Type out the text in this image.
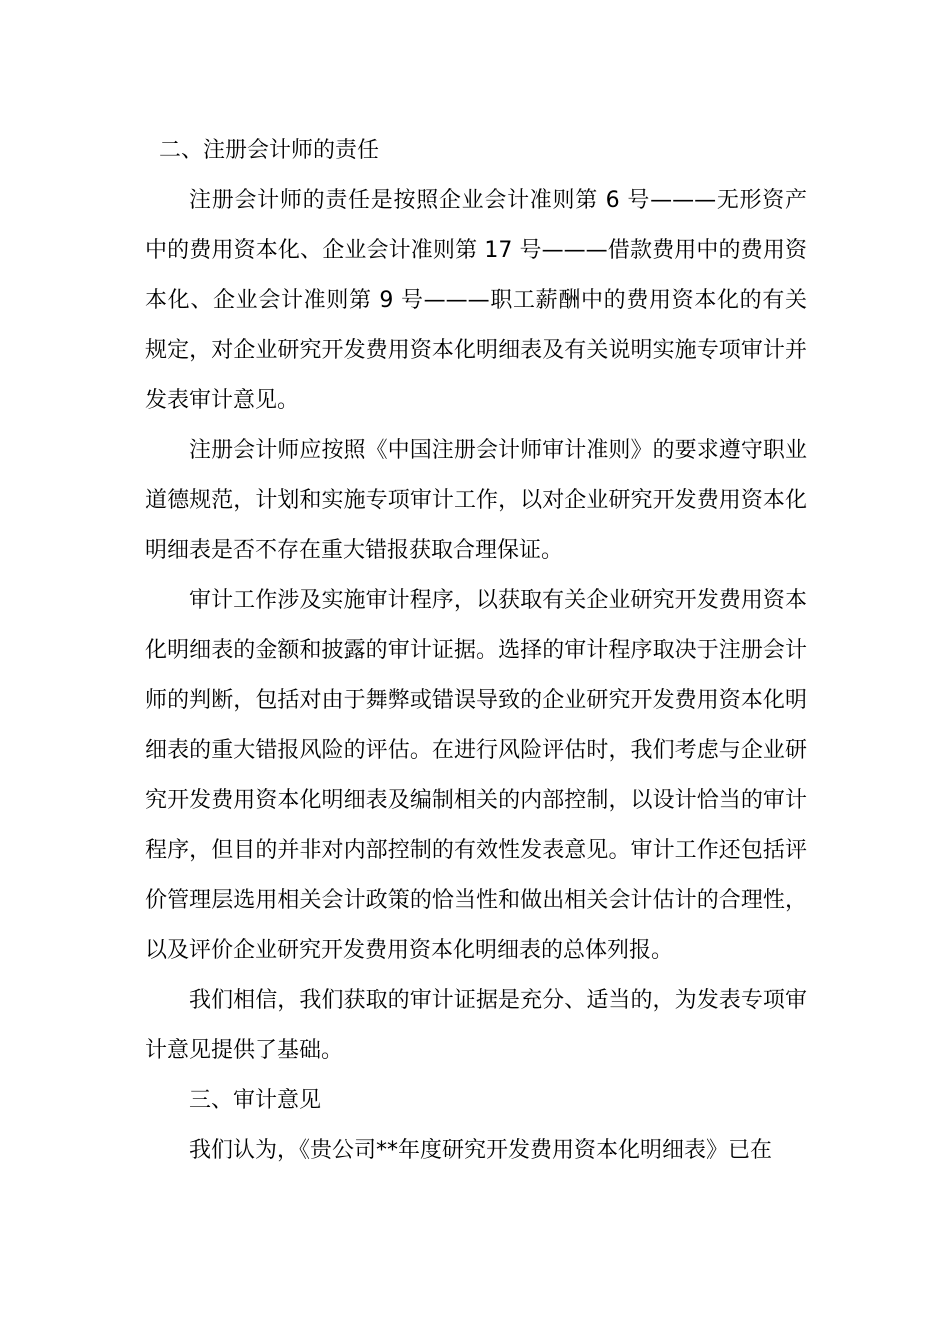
二、注册会计师的责任

注册会计师的责任是按照企业会计准则第 6 号———无形资产中的费用资本化、企业会计准则第 17 号———借款费用中的费用资本化、企业会计准则第 9 号———职工薪酬中的费用资本化的有关规定，对企业研究开发费用资本化明细表及有关说明实施专项审计并发表审计意见。

注册会计师应按照《中国注册会计师审计准则》的要求遵守职业道德规范，计划和实施专项审计工作，以对企业研究开发费用资本化明细表是否不存在重大错报获取合理保证。

审计工作涉及实施审计程序，以获取有关企业研究开发费用资本化明细表的金额和披露的审计证据。选择的审计程序取决于注册会计师的判断，包括对由于舞弊或错误导致的企业研究开发费用资本化明细表的重大错报风险的评估。在进行风险评估时，我们考虑与企业研究开发费用资本化明细表及编制相关的内部控制，以设计恰当的审计程序，但目的并非对内部控制的有效性发表意见。审计工作还包括评价管理层选用相关会计政策的恰当性和做出相关会计估计的合理性，以及评价企业研究开发费用资本化明细表的总体列报。

我们相信，我们获取的审计证据是充分、适当的，为发表专项审计意见提供了基础。

三、审计意见

我们认为，《贵公司**年度研究开发费用资本化明细表》已在
